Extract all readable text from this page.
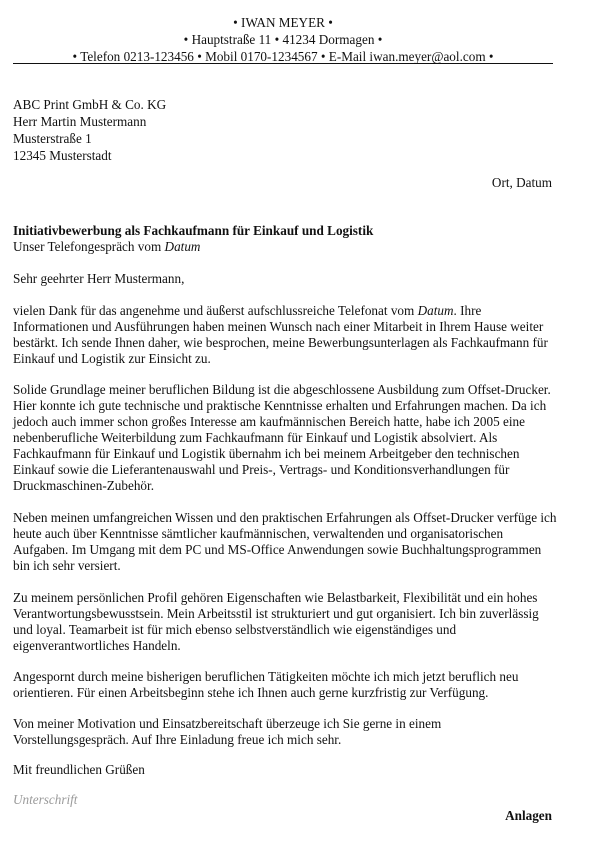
• IWAN MEYER •
• Hauptstraße 11 • 41234 Dormagen •
• Telefon 0213-123456 • Mobil 0170-1234567 • E-Mail iwan.meyer@aol.com •
ABC Print GmbH & Co. KG
Herr Martin Mustermann
Musterstraße 1
12345 Musterstadt
Ort, Datum
Initiativbewerbung als Fachkaufmann für Einkauf und Logistik
Unser Telefongespräch vom Datum
Sehr geehrter Herr Mustermann,
vielen Dank für das angenehme und äußerst aufschlussreiche Telefonat vom Datum. Ihre Informationen und Ausführungen haben meinen Wunsch nach einer Mitarbeit in Ihrem Hause weiter bestärkt. Ich sende Ihnen daher, wie besprochen, meine Bewerbungsunterlagen als Fachkaufmann für Einkauf und Logistik zur Einsicht zu.
Solide Grundlage meiner beruflichen Bildung ist die abgeschlossene Ausbildung zum Offset-Drucker. Hier konnte ich gute technische und praktische Kenntnisse erhalten und Erfahrungen machen. Da ich jedoch auch immer schon großes Interesse am kaufmännischen Bereich hatte, habe ich 2005 eine nebenberufliche Weiterbildung zum Fachkaufmann für Einkauf und Logistik absolviert. Als Fachkaufmann für Einkauf und Logistik übernahm ich bei meinem Arbeitgeber den technischen Einkauf sowie die Lieferantenauswahl und Preis-, Vertrags- und Konditionsverhandlungen für Druckmaschinen-Zubehör.
Neben meinen umfangreichen Wissen und den praktischen Erfahrungen als Offset-Drucker verfüge ich heute auch über Kenntnisse sämtlicher kaufmännischen, verwaltenden und organisatorischen Aufgaben. Im Umgang mit dem PC und MS-Office Anwendungen sowie Buchhaltungsprogrammen bin ich sehr versiert.
Zu meinem persönlichen Profil gehören Eigenschaften wie Belastbarkeit, Flexibilität und ein hohes Verantwortungsbewusstsein. Mein Arbeitsstil ist strukturiert und gut organisiert. Ich bin zuverlässig und loyal. Teamarbeit ist für mich ebenso selbstverständlich wie eigenständiges und eigenverantwortliches Handeln.
Angespornt durch meine bisherigen beruflichen Tätigkeiten möchte ich mich jetzt beruflich neu orientieren. Für einen Arbeitsbeginn stehe ich Ihnen auch gerne kurzfristig zur Verfügung.
Von meiner Motivation und Einsatzbereitschaft überzeuge ich Sie gerne in einem Vorstellungsgespräch. Auf Ihre Einladung freue ich mich sehr.
Mit freundlichen Grüßen
Unterschrift
Anlagen
